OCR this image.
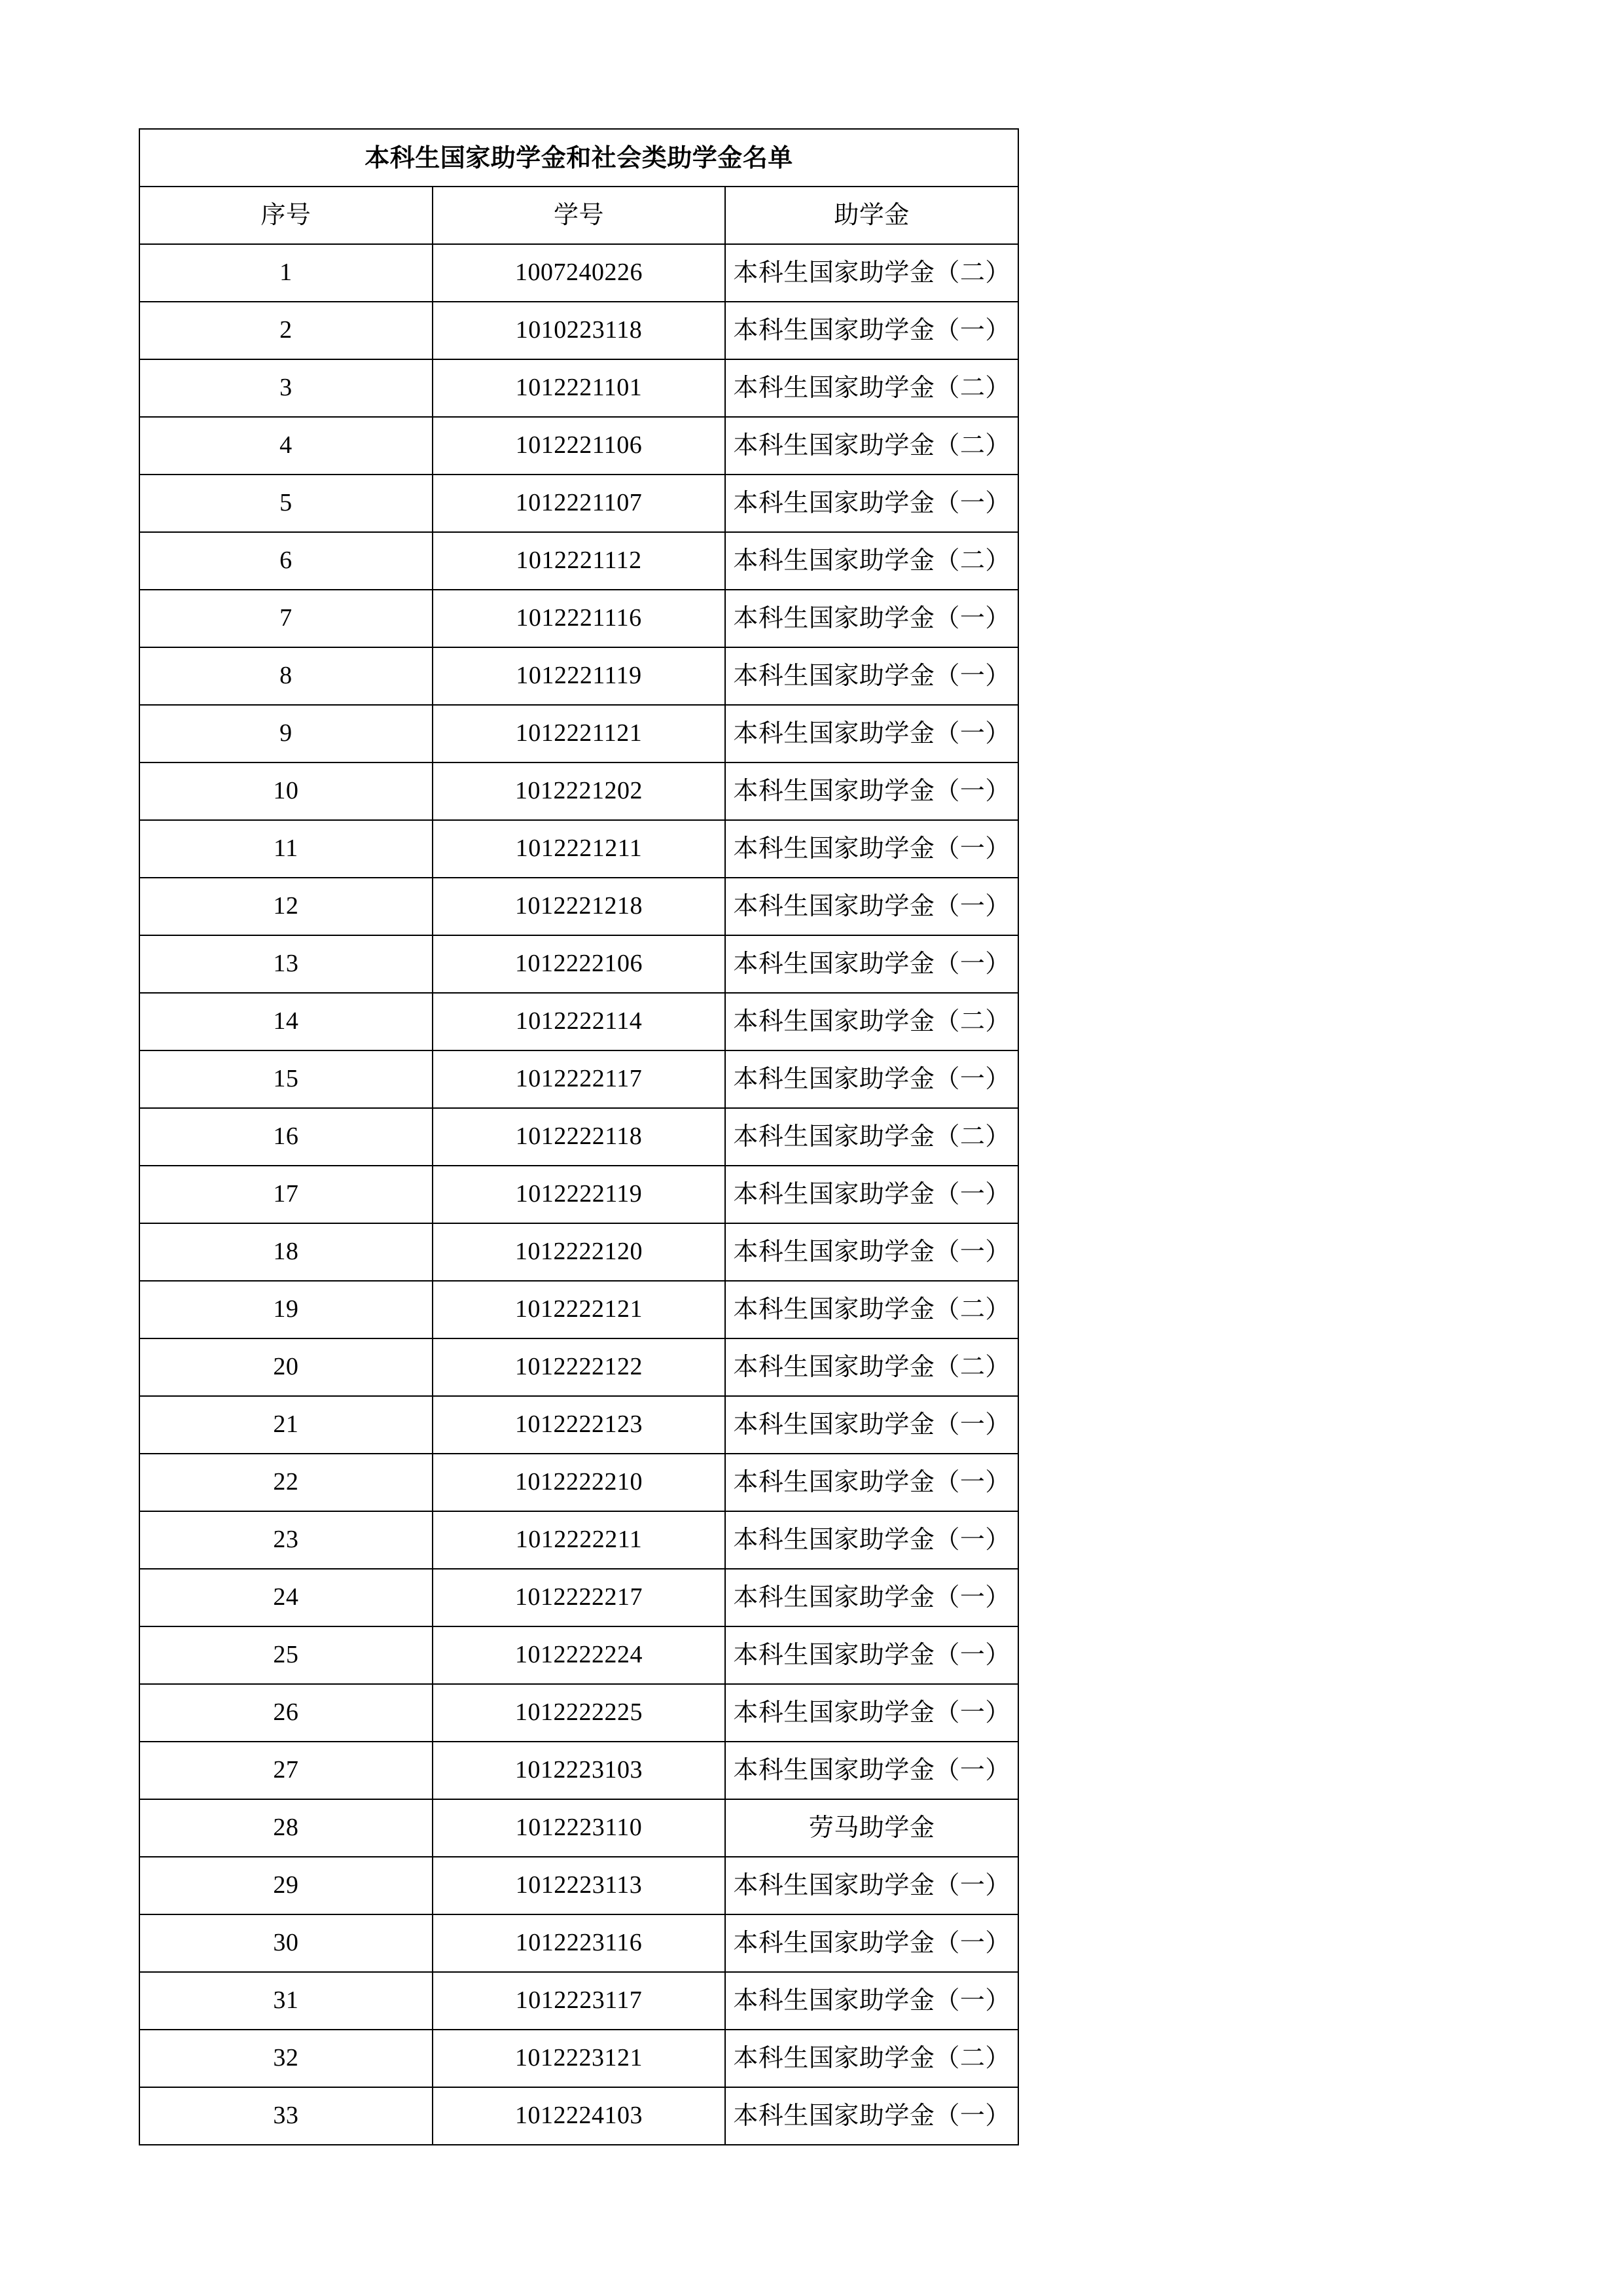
本科生国家助学金和社会类助学金名单		
序号	学号	助学金
1	1007240226	本科生国家助学金（二）
2	1010223118	本科生国家助学金（一）
3	1012221101	本科生国家助学金（二）
4	1012221106	本科生国家助学金（二）
5	1012221107	本科生国家助学金（一）
6	1012221112	本科生国家助学金（二）
7	1012221116	本科生国家助学金（一）
8	1012221119	本科生国家助学金（一）
9	1012221121	本科生国家助学金（一）
10	1012221202	本科生国家助学金（一）
11	1012221211	本科生国家助学金（一）
12	1012221218	本科生国家助学金（一）
13	1012222106	本科生国家助学金（一）
14	1012222114	本科生国家助学金（二）
15	1012222117	本科生国家助学金（一）
16	1012222118	本科生国家助学金（二）
17	1012222119	本科生国家助学金（一）
18	1012222120	本科生国家助学金（一）
19	1012222121	本科生国家助学金（二）
20	1012222122	本科生国家助学金（二）
21	1012222123	本科生国家助学金（一）
22	1012222210	本科生国家助学金（一）
23	1012222211	本科生国家助学金（一）
24	1012222217	本科生国家助学金（一）
25	1012222224	本科生国家助学金（一）
26	1012222225	本科生国家助学金（一）
27	1012223103	本科生国家助学金（一）
28	1012223110	劳马助学金
29	1012223113	本科生国家助学金（一）
30	1012223116	本科生国家助学金（一）
31	1012223117	本科生国家助学金（一）
32	1012223121	本科生国家助学金（二）
33	1012224103	本科生国家助学金（一）
